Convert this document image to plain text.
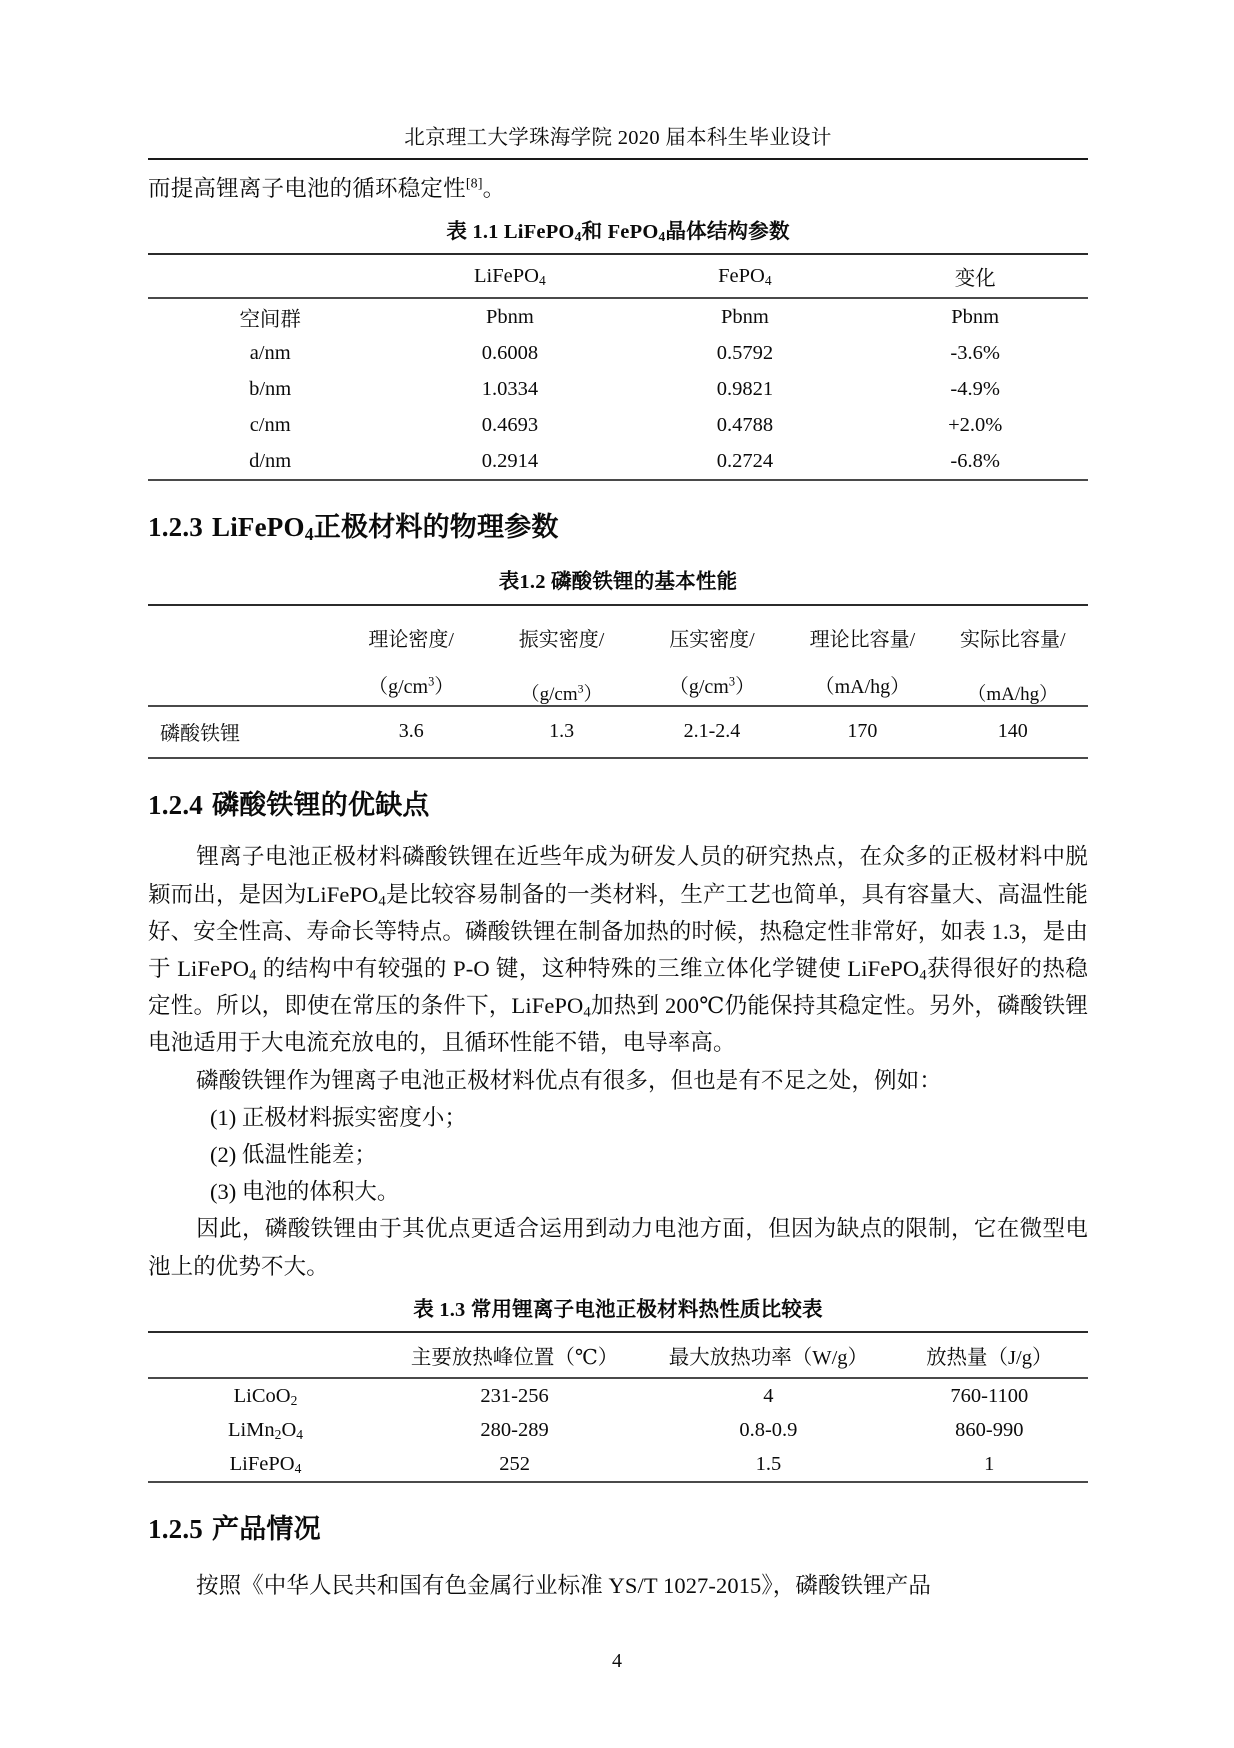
北京理工大学珠海学院 2020 届本科生毕业设计
而提高锂离子电池的循环稳定性[8]。
表 1.1 LiFePO$_4$和 FePO$_4$晶体结构参数
	LiFePO$_4$	FePO$_4$	变化
空间群	Pbnm	Pbnm	Pbnm
a/nm	0.6008	0.5792	-3.6%
b/nm	1.0334	0.9821	-4.9%
c/nm	0.4693	0.4788	+2.0%
d/nm	0.2914	0.2724	-6.8%
1.2.3 LiFePO$_4$正极材料的物理参数
表1.2 磷酸铁锂的基本性能
	理论密度/	振实密度/	压实密度/	理论比容量/	实际比容量/
	$(g/cm^3)$	$(g/cm^3)$	$(g/cm^3)$	（mA/hg）	（mA/hg）
磷酸铁锂	3.6	1.3	2.1-2.4	170	140
1.2.4 磷酸铁锂的优缺点

锂离子电池正极材料磷酸铁锂在近些年成为研发人员的研究热点，在众多的正极材料中脱颖而出，是因为LiFePO$_4$是比较容易制备的一类材料，生产工艺也简单，具有容量大、高温性能好、安全性高、寿命长等特点。磷酸铁锂在制备加热的时候，热稳定性非常好，如表 1.3，是由于 LiFePO$_4$ 的结构中有较强的 P-O 键，这种特殊的三维立体化学键使 LiFePO$_4$获得很好的热稳定性。所以，即使在常压的条件下，LiFePO$_4$加热到 200℃仍能保持其稳定性。另外，磷酸铁锂电池适用于大电流充放电的，且循环性能不错，电导率高。

磷酸铁锂作为锂离子电池正极材料优点有很多，但也是有不足之处，例如：

(1) 正极材料振实密度小；
(2) 低温性能差；
(3) 电池的体积大。

因此，磷酸铁锂由于其优点更适合运用到动力电池方面，但因为缺点的限制，它在微型电池上的优势不大。

表 1.3 常用锂离子电池正极材料热性质比较表
	主要放热峰位置（℃）	最大放热功率（W/g）	放热量（J/g）
LiCoO$_2$	231-256	4	760-1100
$LiMn_2O_4$	280-289	0.8-0.9	860-990
LiFePO$_4$	252	1.5	1
1.2.5 产品情况

按照《中华人民共和国有色金属行业标准 YS/T 1027-2015》，磷酸铁锂产品

4
